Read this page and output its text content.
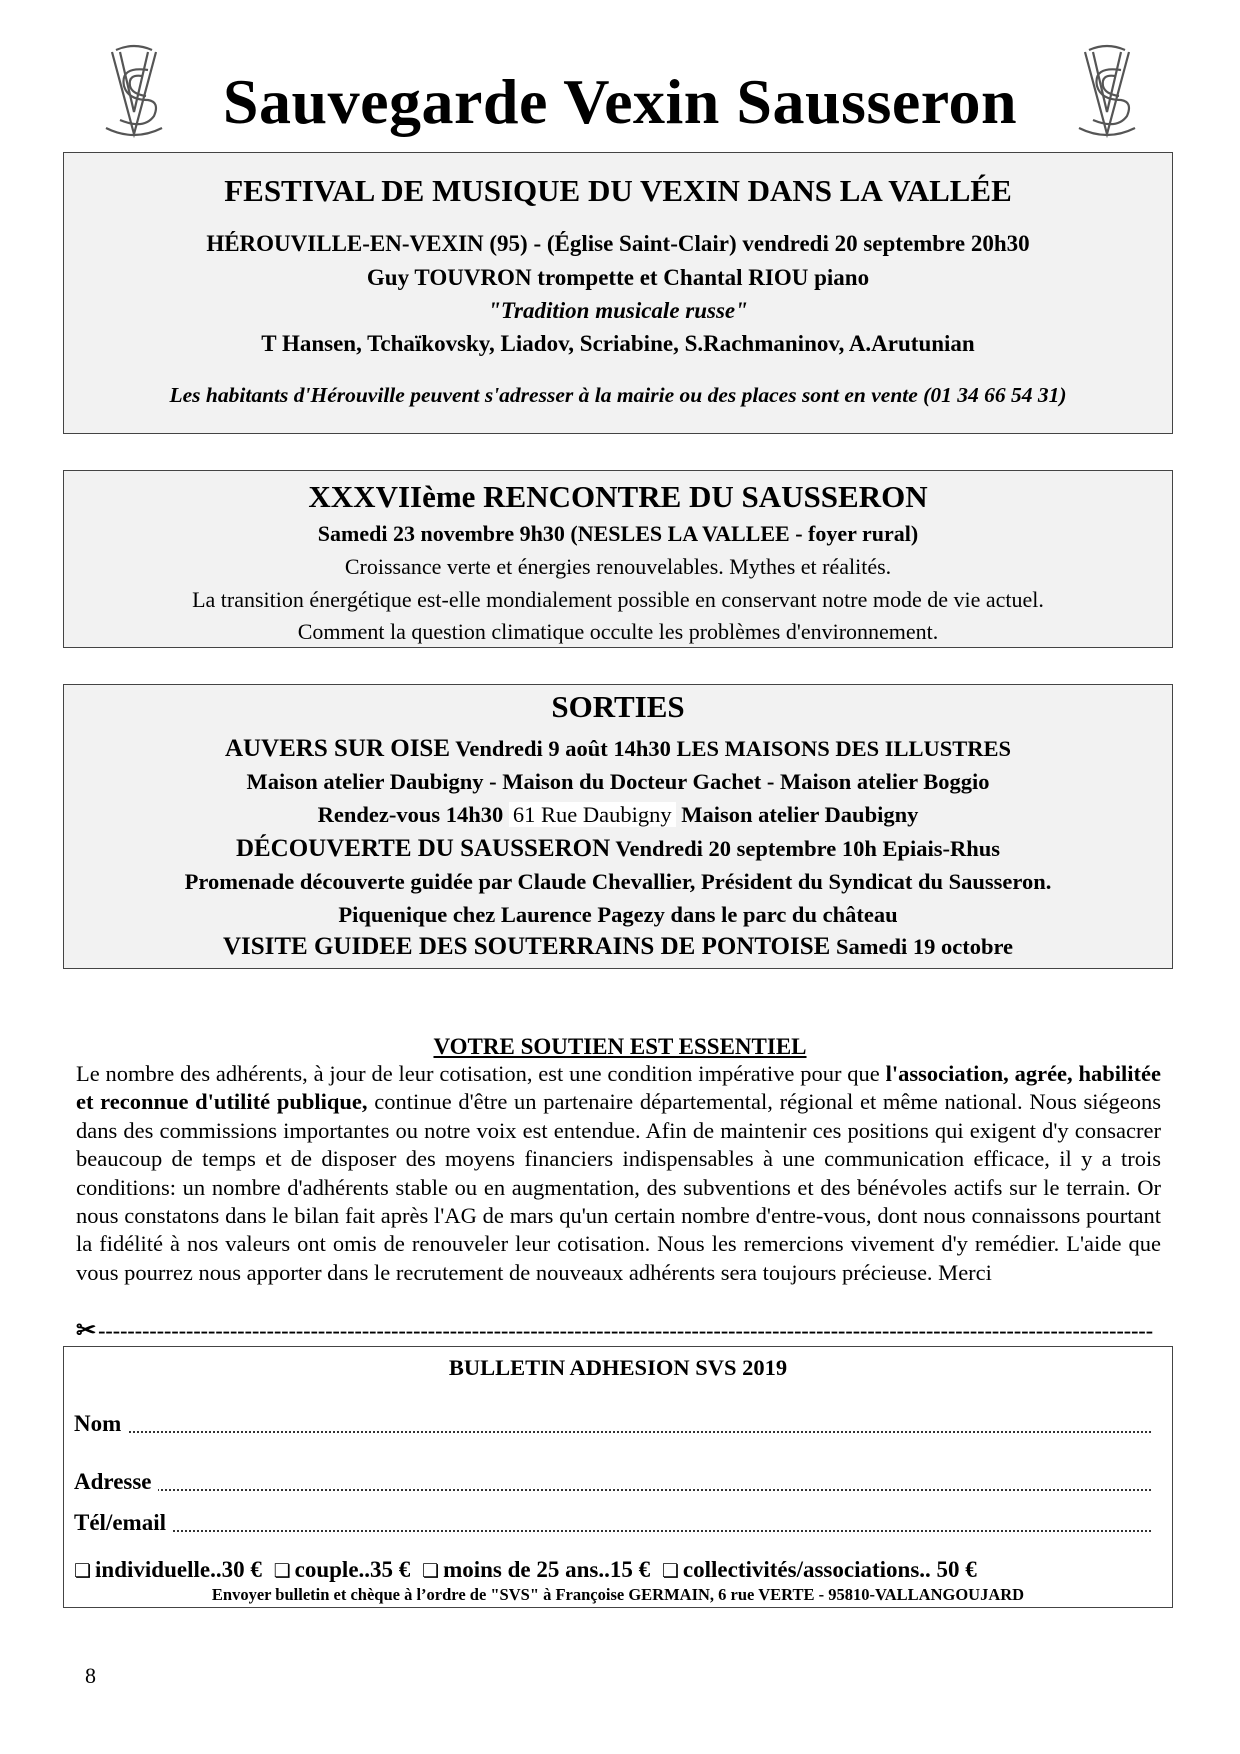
Sauvegarde Vexin Sausseron
FESTIVAL DE MUSIQUE DU VEXIN DANS LA VALLÉE
HÉROUVILLE-EN-VEXIN (95) - (Église Saint-Clair) vendredi 20 septembre 20h30
Guy TOUVRON trompette et Chantal RIOU piano
"Tradition musicale russe"
T Hansen, Tchaïkovsky, Liadov, Scriabine, S.Rachmaninov, A.Arutunian
Les habitants d'Hérouville peuvent s'adresser à la mairie ou des places sont en vente (01 34 66 54 31)
XXXVIIème RENCONTRE DU SAUSSERON
Samedi 23 novembre 9h30 (NESLES LA VALLEE - foyer rural)
Croissance verte et énergies renouvelables. Mythes et réalités.
La transition énergétique est-elle mondialement possible en conservant notre mode de vie actuel.
Comment la question climatique occulte les problèmes d'environnement.
SORTIES
AUVERS SUR OISE Vendredi 9 août 14h30 LES MAISONS DES ILLUSTRES
Maison atelier Daubigny - Maison du Docteur Gachet - Maison atelier Boggio
Rendez-vous 14h30 61 Rue Daubigny Maison atelier Daubigny
DÉCOUVERTE DU SAUSSERON Vendredi 20 septembre 10h Epiais-Rhus
Promenade découverte guidée par Claude Chevallier, Président du Syndicat du Sausseron.
Piquenique chez Laurence Pagezy dans le parc du château
VISITE GUIDEE DES SOUTERRAINS DE PONTOISE Samedi 19 octobre
VOTRE SOUTIEN EST ESSENTIEL
Le nombre des adhérents, à jour de leur cotisation, est une condition impérative pour que l'association, agrée, habilitée et reconnue d'utilité publique, continue d'être un partenaire départemental, régional et même national. Nous siégeons dans des commissions importantes ou notre voix est entendue. Afin de maintenir ces positions qui exigent d'y consacrer beaucoup de temps et de disposer des moyens financiers indispensables à une communication efficace, il y a trois conditions: un nombre d'adhérents stable ou en augmentation, des subventions et des bénévoles actifs sur le terrain. Or nous constatons dans le bilan fait après l'AG de mars qu'un certain nombre d'entre-vous, dont nous connaissons pourtant la fidélité à nos valeurs ont omis de renouveler leur cotisation. Nous les remercions vivement d'y remédier. L'aide que vous pourrez nous apporter dans le recrutement de nouveaux adhérents sera toujours précieuse. Merci
✂------------------------------------------------------------------------------------------------------------------------------------------------
BULLETIN ADHESION SVS 2019
Nom
Adresse
Tél/email
❏ individuelle..30 € ❏ couple..35 € ❏ moins de 25 ans..15 € ❏ collectivités/associations.. 50 €
Envoyer bulletin et chèque à l’ordre de "SVS" à Françoise GERMAIN, 6 rue VERTE - 95810-VALLANGOUJARD
8
